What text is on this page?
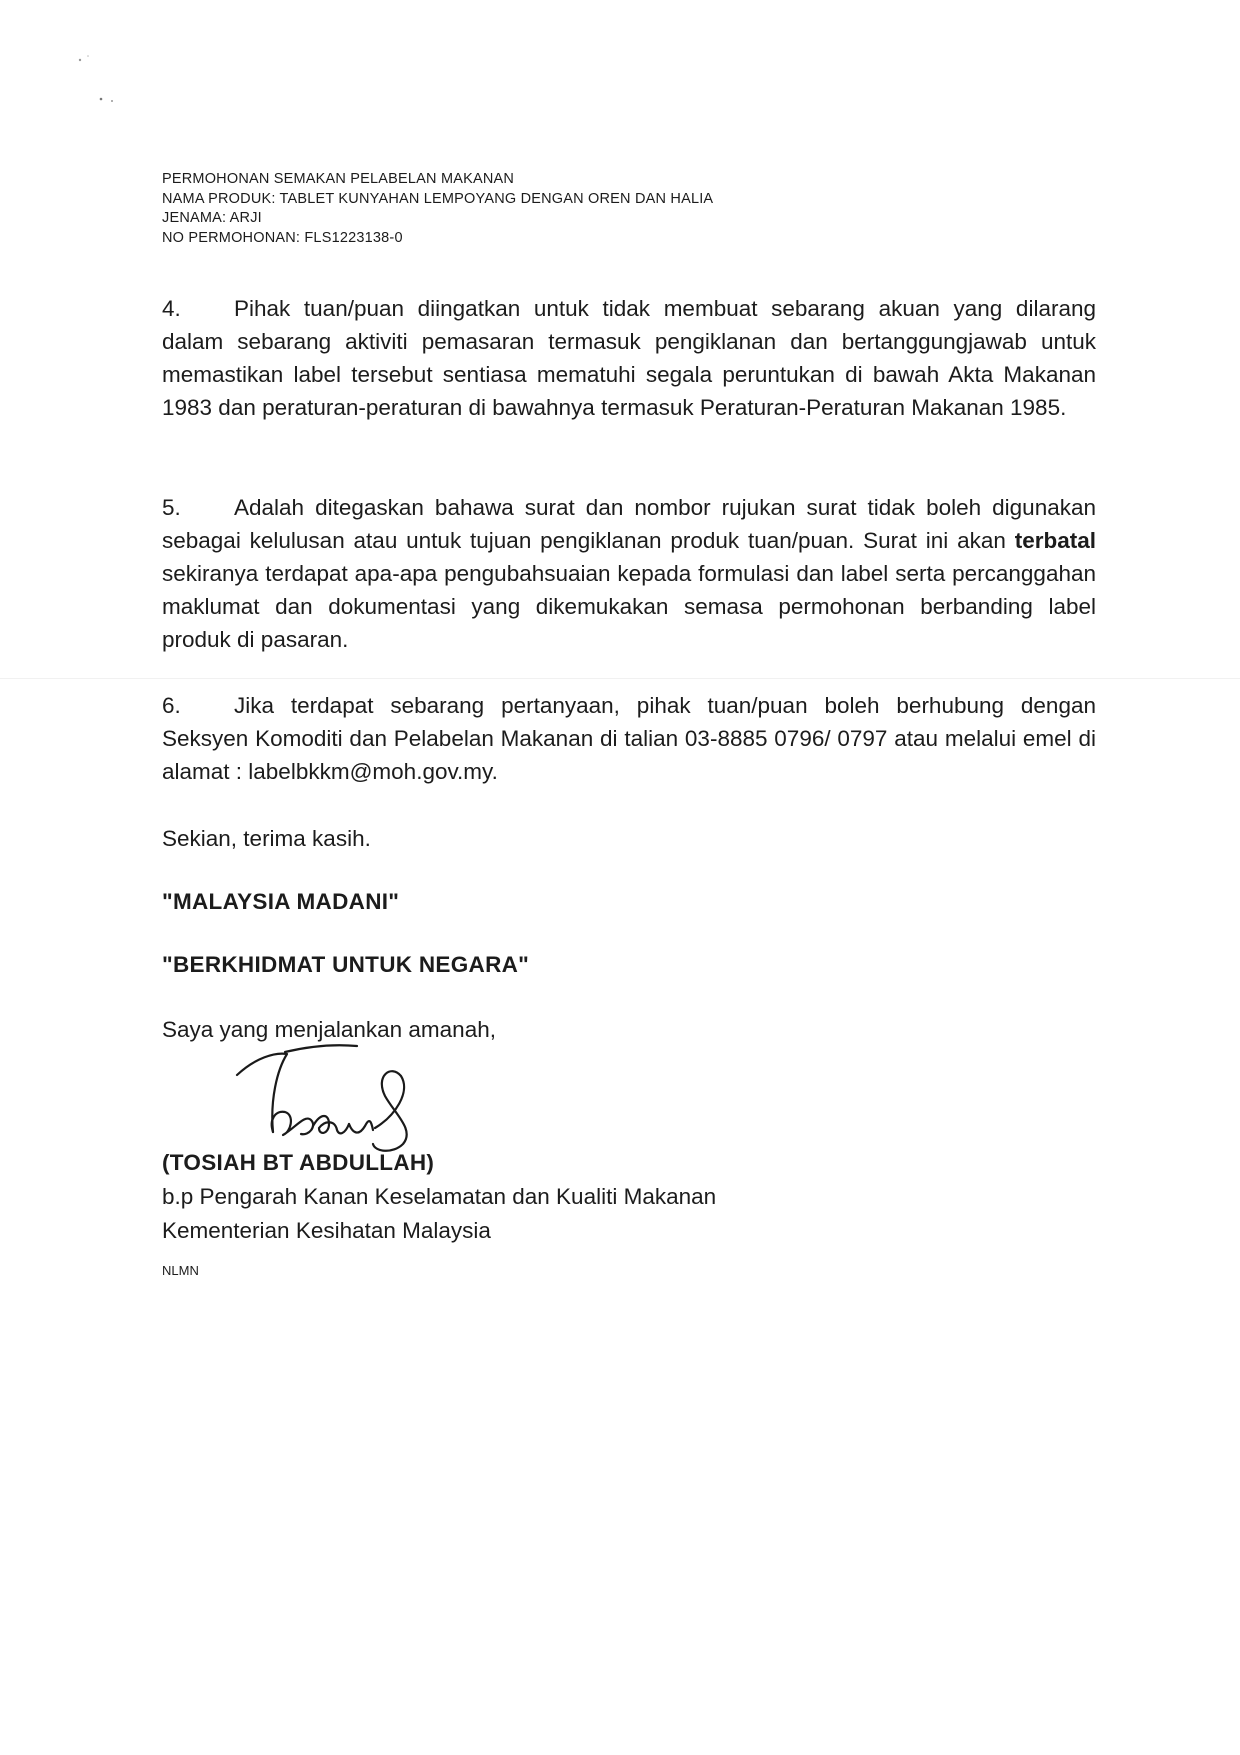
PERMOHONAN SEMAKAN PELABELAN MAKANAN
NAMA PRODUK: TABLET KUNYAHAN LEMPOYANG DENGAN OREN DAN HALIA
JENAMA: ARJI
NO PERMOHONAN: FLS1223138-0
4. Pihak tuan/puan diingatkan untuk tidak membuat sebarang akuan yang dilarang dalam sebarang aktiviti pemasaran termasuk pengiklanan dan bertanggungjawab untuk memastikan label tersebut sentiasa mematuhi segala peruntukan di bawah Akta Makanan 1983 dan peraturan-peraturan di bawahnya termasuk Peraturan-Peraturan Makanan 1985.
5. Adalah ditegaskan bahawa surat dan nombor rujukan surat tidak boleh digunakan sebagai kelulusan atau untuk tujuan pengiklanan produk tuan/puan. Surat ini akan terbatal sekiranya terdapat apa-apa pengubahsuaian kepada formulasi dan label serta percanggahan maklumat dan dokumentasi yang dikemukakan semasa permohonan berbanding label produk di pasaran.
6. Jika terdapat sebarang pertanyaan, pihak tuan/puan boleh berhubung dengan Seksyen Komoditi dan Pelabelan Makanan di talian 03-8885 0796/ 0797 atau melalui emel di alamat : labelbkkm@moh.gov.my.
Sekian, terima kasih.
"MALAYSIA MADANI"
"BERKHIDMAT UNTUK NEGARA"
Saya yang menjalankan amanah,
(TOSIAH BT ABDULLAH)
b.p Pengarah Kanan Keselamatan dan Kualiti Makanan
Kementerian Kesihatan Malaysia
NLMN
